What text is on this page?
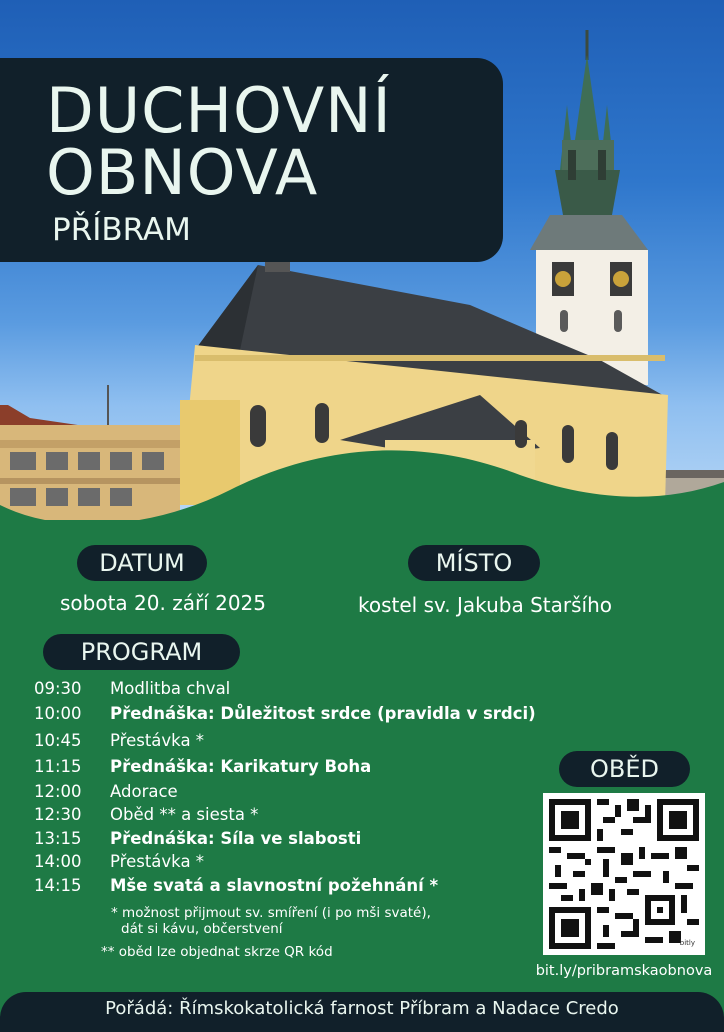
DUCHOVNÍ
OBNOVA
PŘÍBRAM
DATUM
sobota 20. září 2025
MÍSTO
kostel sv. Jakuba Staršího
PROGRAM
09:30	Modlitba chval
10:00	Přednáška: Důležitost srdce (pravidla v srdci)
10:45	Přestávka *
11:15	Přednáška: Karikatury Boha
12:00	Adorace
12:30	Oběd ** a siesta *
13:15	Přednáška: Síla ve slabosti
14:00	Přestávka *
14:15	Mše svatá a slavnostní požehnání *
* možnost přijmout sv. smíření (i po mši svaté),
dát si kávu, občerstvení
** oběd lze objednat skrze QR kód
OBĚD
bitly
bit.ly/pribramskaobnova
Pořádá: Římskokatolická farnost Příbram a Nadace Credo
